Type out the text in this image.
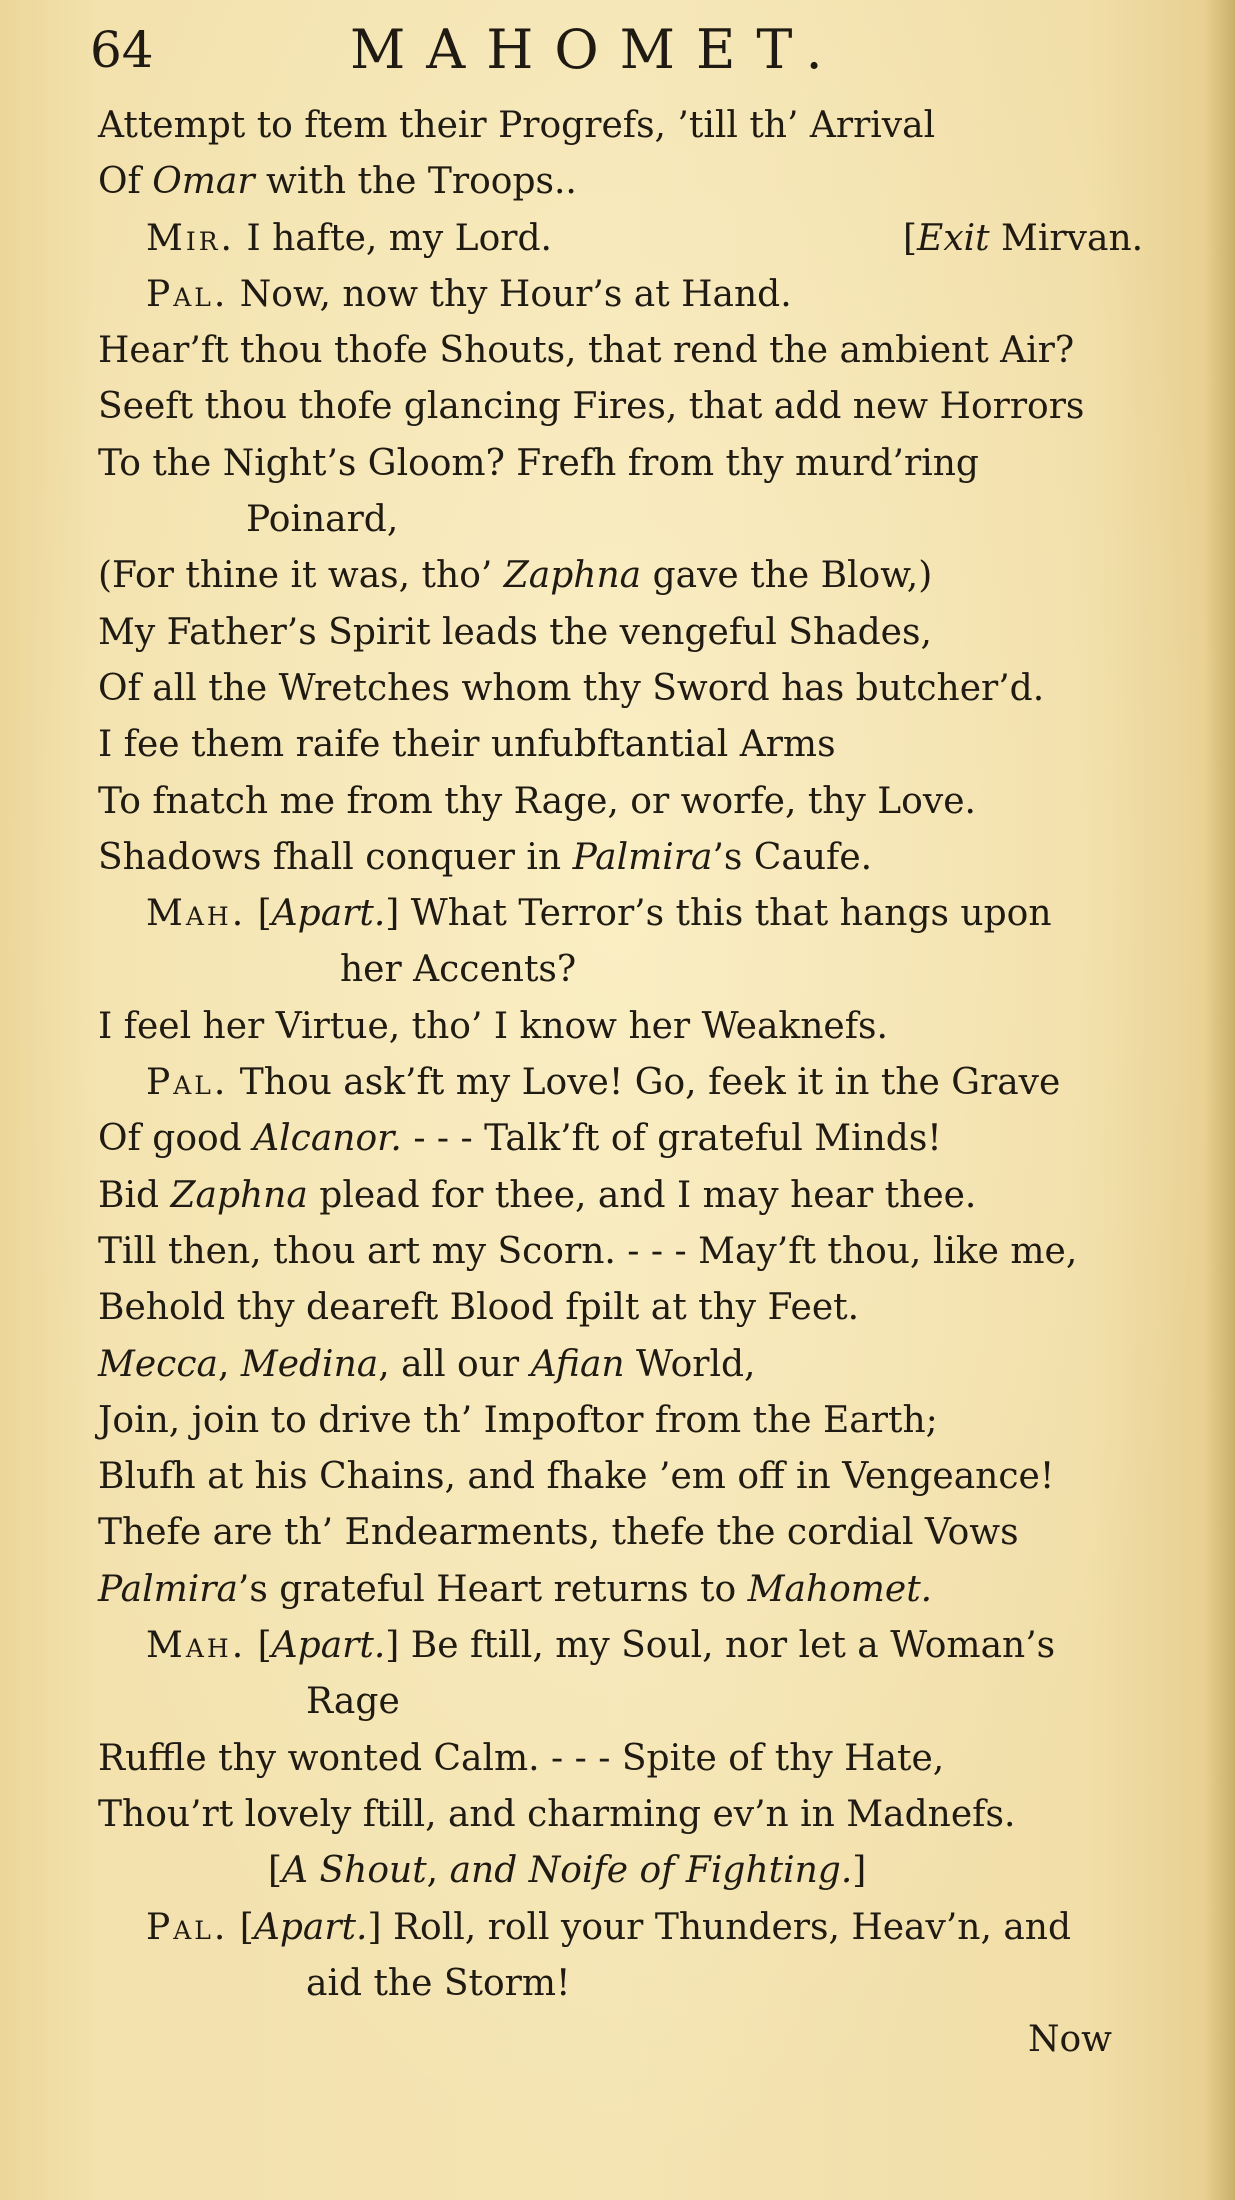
64	MAHOMET.
Attempt to ftem their Progrefs, ’till th’ Arrival
Of Omar with the Troops..
Mir. I hafte, my Lord.	[Exit Mirvan.
Pal. Now, now thy Hour’s at Hand.
Hear’ft thou thofe Shouts, that rend the ambient Air?
Seeft thou thofe glancing Fires, that add new Horrors
To the Night’s Gloom? Frefh from thy murd’ring
Poinard,
(For thine it was, tho’ Zaphna gave the Blow,)
My Father’s Spirit leads the vengeful Shades,
Of all the Wretches whom thy Sword has butcher’d.
I fee them raife their unfubftantial Arms
To fnatch me from thy Rage, or worfe, thy Love.
Shadows fhall conquer in Palmira’s Caufe.
Mah. [Apart.] What Terror’s this that hangs upon
her Accents?
I feel her Virtue, tho’ I know her Weaknefs.
Pal. Thou ask’ft my Love! Go, feek it in the Grave
Of good Alcanor. - - - Talk’ft of grateful Minds!
Bid Zaphna plead for thee, and I may hear thee.
Till then, thou art my Scorn. - - - May’ft thou, like me,
Behold thy deareft Blood fpilt at thy Feet.
Mecca, Medina, all our Afian World,
Join, join to drive th’ Impoftor from the Earth;
Blufh at his Chains, and fhake ’em off in Vengeance!
Thefe are th’ Endearments, thefe the cordial Vows
Palmira’s grateful Heart returns to Mahomet.
Mah. [Apart.] Be ftill, my Soul, nor let a Woman’s
Rage
Ruffle thy wonted Calm. - - - Spite of thy Hate,
Thou’rt lovely ftill, and charming ev’n in Madnefs.
[A Shout, and Noife of Fighting.]
Pal. [Apart.] Roll, roll your Thunders, Heav’n, and
aid the Storm!
Now
